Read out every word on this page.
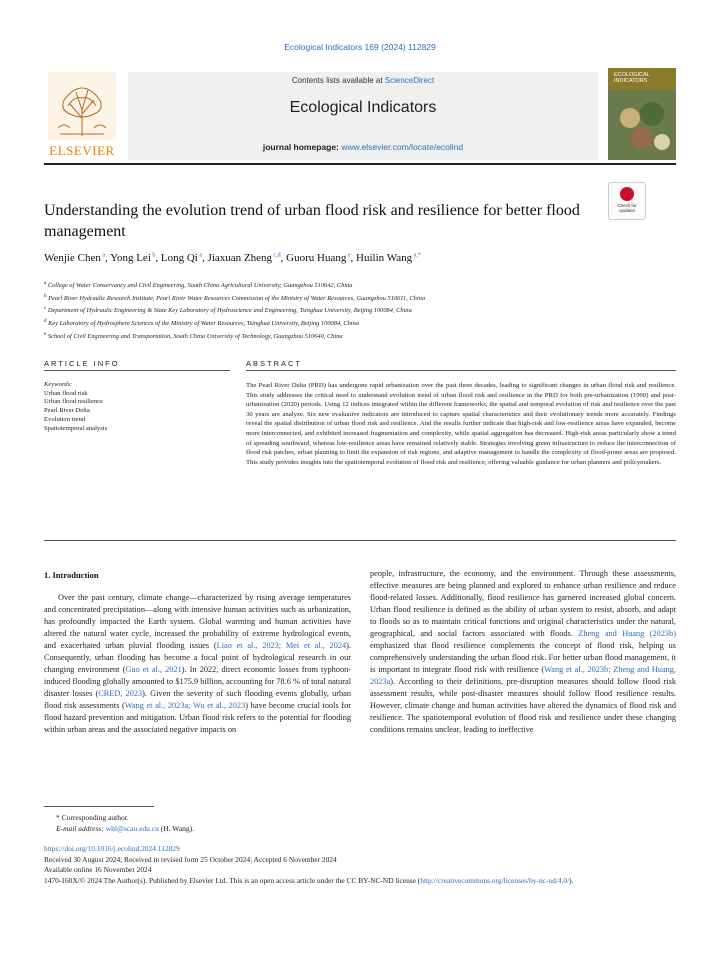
Ecological Indicators 169 (2024) 112829
Contents lists available at ScienceDirect
Ecological Indicators
journal homepage: www.elsevier.com/locate/ecolind
ELSEVIER
ECOLOGICAL INDICATORS
Check for updates
Understanding the evolution trend of urban flood risk and resilience for better flood management
Wenjie Chen $^a$, Yong Lei $^b$, Long Qi $^a$, Jiaxuan Zheng $^{c,d}$, Guoru Huang $^e$, Huilin Wang $^{a,*}$
$^a$ College of Water Conservancy and Civil Engineering, South China Agricultural University, Guangzhou 510642, China
$^b$ Pearl River Hydraulic Research Institute, Pearl River Water Resources Commission of the Ministry of Water Resources, Guangzhou 510611, China
$^c$ Department of Hydraulic Engineering & State Key Laboratory of Hydroscience and Engineering, Tsinghua University, Beijing 100084, China
$^d$ Key Laboratory of Hydrosphere Sciences of the Ministry of Water Resources, Tsinghua University, Beijing 100084, China
$^e$ School of Civil Engineering and Transportation, South China University of Technology, Guangzhou 510640, China
ARTICLE INFO	ABSTRACT
Keywords:
Urban flood risk
Urban flood resilience
Pearl River Delta
Evolution trend
Spatiotemporal analysis
The Pearl River Delta (PRD) has undergone rapid urbanization over the past three decades, leading to significant changes in urban flood risk and resilience. This study addresses the critical need to understand evolution trend of urban flood risk and resilience in the PRD for both pre-urbanization (1990) and post-urbanization (2020) periods. Using 12 indices integrated within the different frameworks, the spatial and temporal evolution of risk and resilience over the past 30 years are analyze. Six new evaluative indicators are introduced to capture spatial characteristics and their evolutionary trends more accurately. Findings reveal the spatial distribution of urban flood risk and resilience. And the results further indicate that high-risk and low-resilience areas have expanded, become more interconnected, and exhibited increased fragmentation and complexity, while spatial aggregation has decreased. High-risk areas particularly show a trend of spreading southward, whereas low-resilience areas have remained relatively stable. Strategies involving green infrastructure to reduce the interconnection of flood risk patches, urban planning to limit the expansion of risk regions, and adaptive management to handle the complexity of flood-prone areas are proposed. This study provides insights into the spatiotemporal evolution of flood risk and resilience, offering valuable guidance for urban planners and policymakers.
1. Introduction
Over the past century, climate change—characterized by rising average temperatures and concentrated precipitation—along with intensive human activities such as urbanization, has profoundly impacted the Earth system. Global warming and human activities have altered the natural water cycle, increased the probability of extreme hydrological events, and exacerbated urban pluvial flooding issues (Liao et al., 2023; Mei et al., 2024). Consequently, urban flooding has become a focal point of hydrological research in our changing environment (Guo et al., 2021). In 2022, direct economic losses from typhoon-induced flooding globally amounted to $175.9 billion, accounting for 78.6 % of total natural disaster losses (CRED, 2023). Given the severity of such flooding events globally, urban flood risk assessments (Wang et al., 2023a; Wu et al., 2023) have become crucial tools for flood hazard prevention and mitigation. Urban flood risk refers to the potential for flooding within urban areas and the associated negative impacts on
people, infrastructure, the economy, and the environment. Through these assessments, effective measures are being planned and explored to enhance urban resilience and reduce flood-related losses. Additionally, flood resilience has garnered increased global concern. Urban flood resilience is defined as the ability of urban system to resist, absorb, and adapt to floods so as to maintain critical functions and original characteristics under the natural, geographical, and social factors associated with floods. Zheng and Huang (2023b) emphasized that flood resilience complements the concept of flood risk, helping us comprehensively understanding the urban flood risk. For better urban flood management, it is important to integrate flood risk with resilience (Wang et al., 2023b; Zheng and Huang, 2023a). According to their definitions, pre-disruption measures should follow flood risk assessment results, while post-disaster measures should follow flood resilience results. However, climate change and human activities have altered the dynamics of flood risk and resilience. The spatiotemporal evolution of flood risk and resilience under these changing conditions remains unclear, leading to ineffective
* Corresponding author.
E-mail address: whl@scau.edu.cn (H. Wang).
https://doi.org/10.1016/j.ecolind.2024.112829
Received 30 August 2024; Received in revised form 25 October 2024; Accepted 6 November 2024
Available online 16 November 2024
1470-160X/© 2024 The Author(s). Published by Elsevier Ltd. This is an open access article under the CC BY-NC-ND license (http://creativecommons.org/licenses/by-nc-nd/4.0/).
